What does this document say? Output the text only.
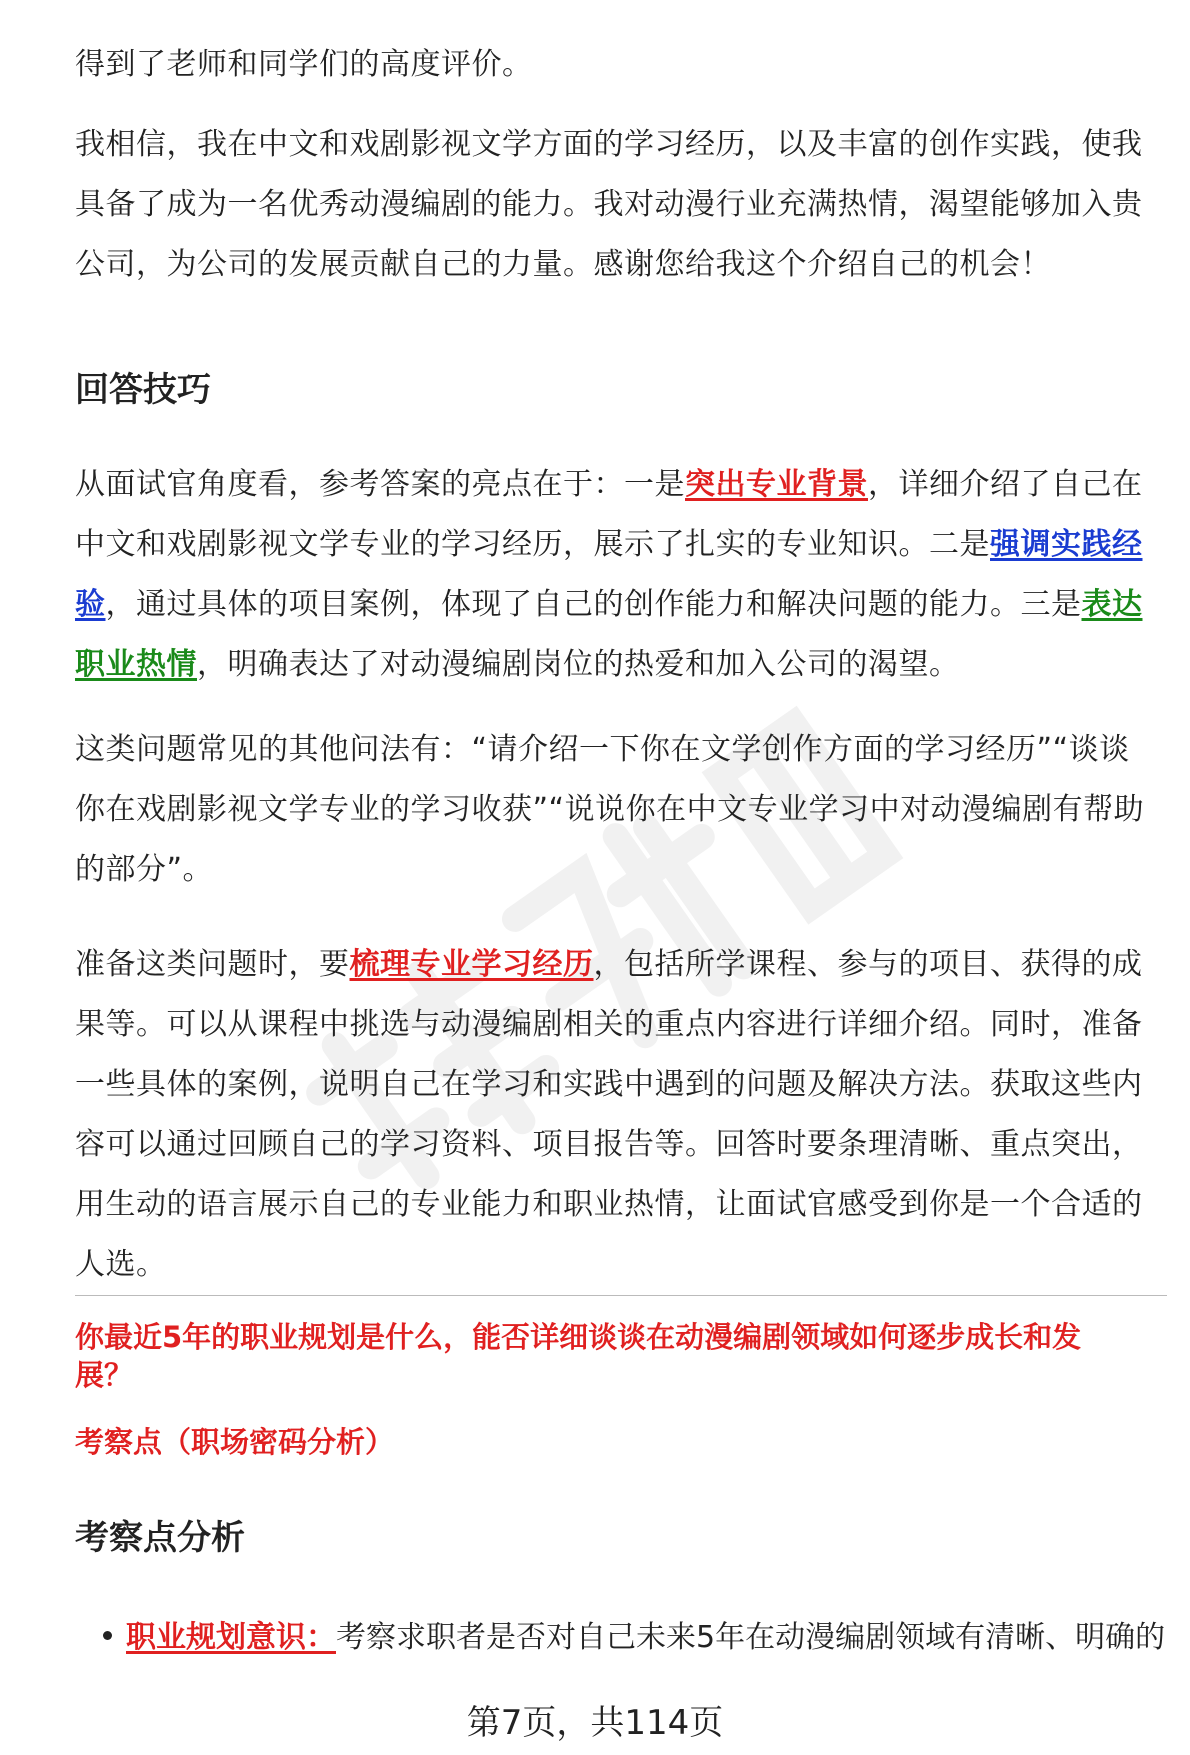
得到了老师和同学们的高度评价。

我相信，我在中文和戏剧影视文学方面的学习经历，以及丰富的创作实践，使我具备了成为一名优秀动漫编剧的能力。我对动漫行业充满热情，渴望能够加入贵公司，为公司的发展贡献自己的力量。感谢您给我这个介绍自己的机会！

回答技巧

从面试官角度看，参考答案的亮点在于：一是突出专业背景，详细介绍了自己在中文和戏剧影视文学专业的学习经历，展示了扎实的专业知识。二是强调实践经验，通过具体的项目案例，体现了自己的创作能力和解决问题的能力。三是表达职业热情，明确表达了对动漫编剧岗位的热爱和加入公司的渴望。

这类问题常见的其他问法有：“请介绍一下你在文学创作方面的学习经历”“谈谈你在戏剧影视文学专业的学习收获”“说说你在中文专业学习中对动漫编剧有帮助的部分”。

准备这类问题时，要梳理专业学习经历，包括所学课程、参与的项目、获得的成果等。可以从课程中挑选与动漫编剧相关的重点内容进行详细介绍。同时，准备一些具体的案例，说明自己在学习和实践中遇到的问题及解决方法。获取这些内容可以通过回顾自己的学习资料、项目报告等。回答时要条理清晰、重点突出，用生动的语言展示自己的专业能力和职业热情，让面试官感受到你是一个合适的人选。

你最近5年的职业规划是什么，能否详细谈谈在动漫编剧领域如何逐步成长和发展？

考察点（职场密码分析）

考察点分析
职业规划意识：考察求职者是否对自己未来5年在动漫编剧领域有清晰、明确的
第7页，共114页
